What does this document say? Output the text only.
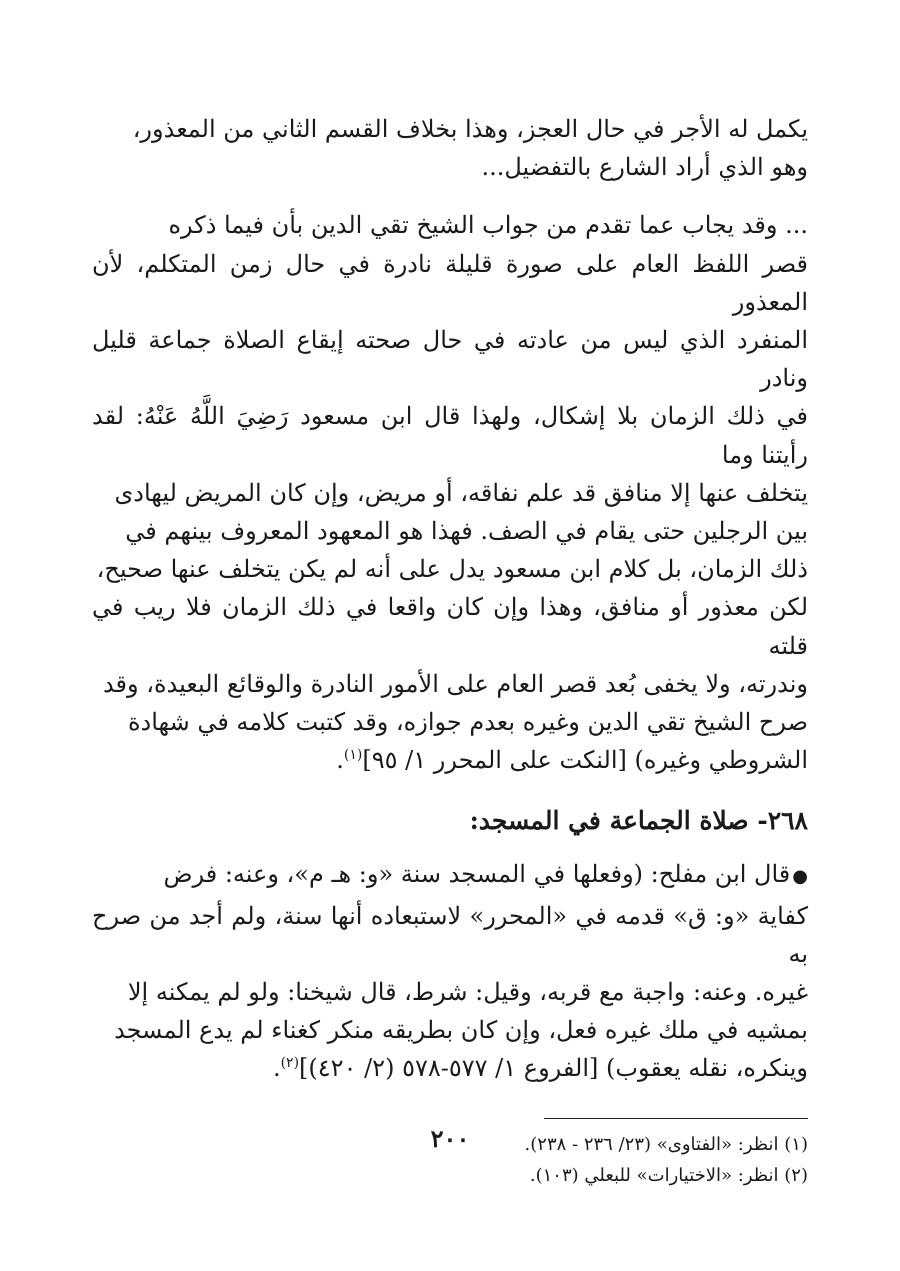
يكمل له الأجر في حال العجز، وهذا بخلاف القسم الثاني من المعذور،

وهو الذي أراد الشارع بالتفضيل...

... وقد يجاب عما تقدم من جواب الشيخ تقي الدين بأن فيما ذكره

قصر اللفظ العام على صورة قليلة نادرة في حال زمن المتكلم، لأن المعذور

المنفرد الذي ليس من عادته في حال صحته إيقاع الصلاة جماعة قليل ونادر

في ذلك الزمان بلا إشكال، ولهذا قال ابن مسعود رَضِيَ اللَّهُ عَنْهُ: لقد رأيتنا وما

يتخلف عنها إلا منافق قد علم نفاقه، أو مريض، وإن كان المريض ليهادى

بين الرجلين حتى يقام في الصف. فهذا هو المعهود المعروف بينهم في

ذلك الزمان، بل كلام ابن مسعود يدل على أنه لم يكن يتخلف عنها صحيح،

لكن معذور أو منافق، وهذا وإن كان واقعا في ذلك الزمان فلا ريب في قلته

وندرته، ولا يخفى بُعد قصر العام على الأمور النادرة والوقائع البعيدة، وقد

صرح الشيخ تقي الدين وغيره بعدم جوازه، وقد كتبت كلامه في شهادة

الشروطي وغيره) [النكت على المحرر ١/ ٩٥]$^{(١)}$.

٢٦٨- صلاة الجماعة في المسجد:

●قال ابن مفلح: (وفعلها في المسجد سنة «و: هـ م»، وعنه: فرض

كفاية «و: ق» قدمه في «المحرر» لاستبعاده أنها سنة، ولم أجد من صرح به

غيره. وعنه: واجبة مع قربه، وقيل: شرط، قال شيخنا: ولو لم يمكنه إلا

بمشيه في ملك غيره فعل، وإن كان بطريقه منكر كغناء لم يدع المسجد

وينكره، نقله يعقوب) [الفروع ١/ ٥٧٧-٥٧٨ (٢/ ٤٢٠)]$^{(٢)}$.

(١) انظر: «الفتاوى» (٢٣/ ٢٣٦ - ٢٣٨).

(٢) انظر: «الاختيارات» للبعلي (١٠٣).

٢٠٠
